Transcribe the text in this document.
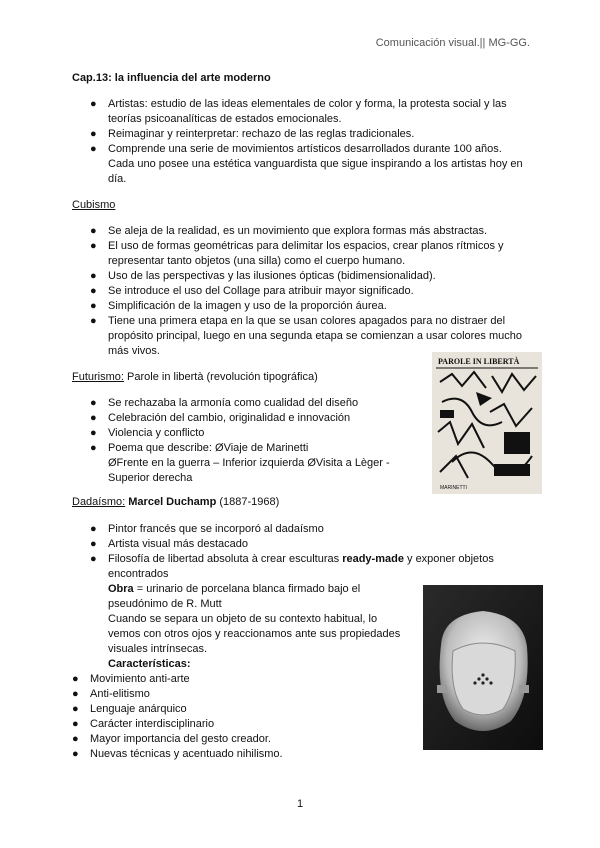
Comunicación visual.|| MG-GG.
Cap.13: la influencia del arte moderno
● Artistas: estudio de las ideas elementales de color y forma, la protesta social y las
teorías psicoanalíticas de estados emocionales.
● Reimaginar y reinterpretar: rechazo de las reglas tradicionales.
● Comprende una serie de movimientos artísticos desarrollados durante 100 años.
Cada uno posee una estética vanguardista que sigue inspirando a los artistas hoy en
día.
Cubismo
● Se aleja de la realidad, es un movimiento que explora formas más abstractas.
● El uso de formas geométricas para delimitar los espacios, crear planos rítmicos y
representar tanto objetos (una silla) como el cuerpo humano.
● Uso de las perspectivas y las ilusiones ópticas (bidimensionalidad).
● Se introduce el uso del Collage para atribuir mayor significado.
● Simplificación de la imagen y uso de la proporción áurea.
● Tiene una primera etapa en la que se usan colores apagados para no distraer del
propósito principal, luego en una segunda etapa se comienzan a usar colores mucho
más vivos.
Futurismo: Parole in libertà (revolución tipográfica)
● Se rechazaba la armonía como cualidad del diseño
● Celebración del cambio, originalidad e innovación
● Violencia y conflicto
● Poema que describe: ØViaje de Marinetti
ØFrente en la guerra – Inferior izquierda ØVisita a Lèger -
Superior derecha
PAROLE IN LIBERTÀ
MARINETTI
Dadaísmo: Marcel Duchamp (1887-1968)
● Pintor francés que se incorporó al dadaísmo
● Artista visual más destacado
● Filosofía de libertad absoluta à crear esculturas ready-made y exponer objetos
encontrados
Obra = urinario de porcelana blanca firmado bajo el
pseudónimo de R. Mutt
Cuando se separa un objeto de su contexto habitual, lo
vemos con otros ojos y reaccionamos ante sus propiedades
visuales intrínsecas.
Características:
● Movimiento anti-arte
● Anti-elitismo
● Lenguaje anárquico
● Carácter interdisciplinario
● Mayor importancia del gesto creador.
● Nuevas técnicas y acentuado nihilismo.
1
